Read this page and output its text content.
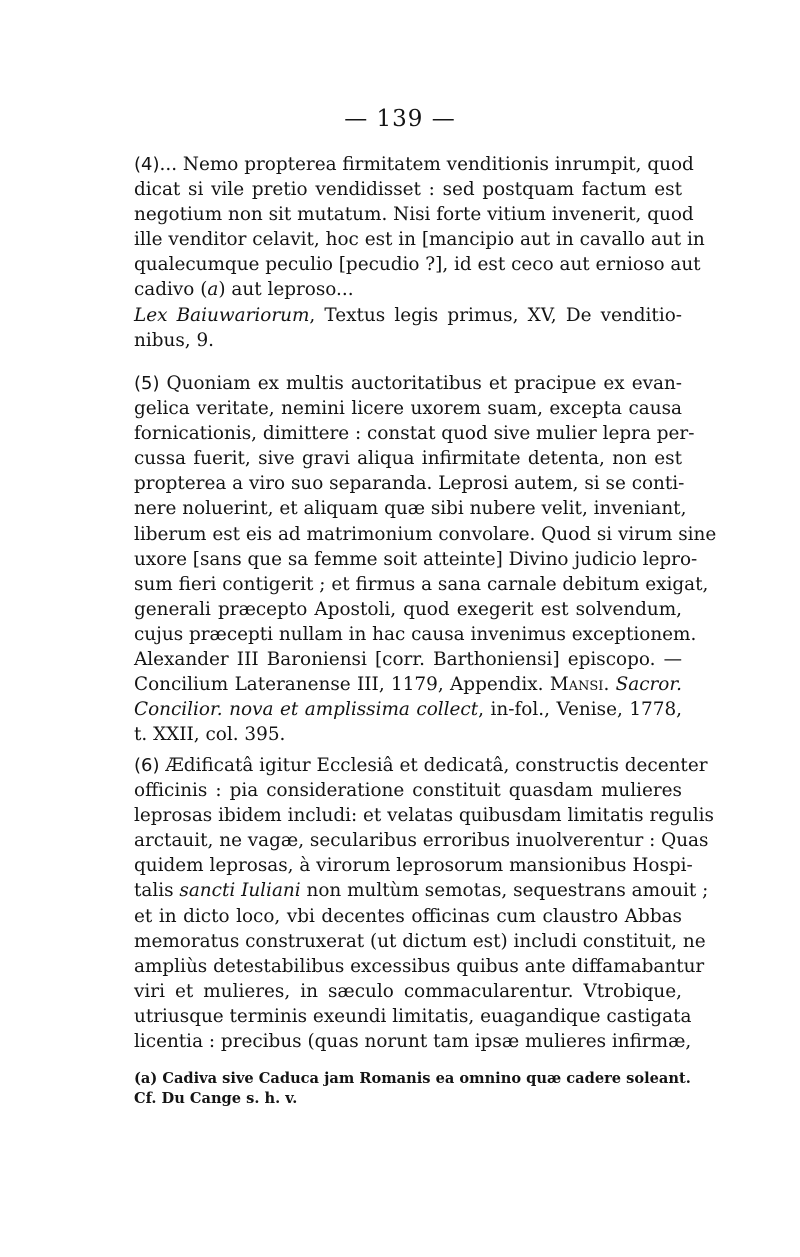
— 139 —
(4)... Nemo propterea firmitatem venditionis inrumpit, quod
dicat si vile pretio vendidisset : sed postquam factum est
negotium non sit mutatum. Nisi forte vitium invenerit, quod
ille venditor celavit, hoc est in [mancipio aut in cavallo aut in
qualecumque peculio [pecudio ?], id est ceco aut ernioso aut
cadivo (a) aut leproso...
Lex Baiuwariorum, Textus legis primus, XV, De venditio-
nibus, 9.
(5) Quoniam ex multis auctoritatibus et pracipue ex evan-
gelica veritate, nemini licere uxorem suam, excepta causa
fornicationis, dimittere : constat quod sive mulier lepra per-
cussa fuerit, sive gravi aliqua infirmitate detenta, non est
propterea a viro suo separanda. Leprosi autem, si se conti-
nere noluerint, et aliquam quæ sibi nubere velit, inveniant,
liberum est eis ad matrimonium convolare. Quod si virum sine
uxore [sans que sa femme soit atteinte] Divino judicio lepro-
sum fieri contigerit ; et firmus a sana carnale debitum exigat,
generali præcepto Apostoli, quod exegerit est solvendum,
cujus præcepti nullam in hac causa invenimus exceptionem.
Alexander III Baroniensi [corr. Barthoniensi] episcopo. —
Concilium Lateranense III, 1179, Appendix. Mansi. Sacror.
Concilior. nova et amplissima collect, in-fol., Venise, 1778,
t. XXII, col. 395.
(6) Ædificatâ igitur Ecclesiâ et dedicatâ, constructis decenter
officinis : pia consideratione constituit quasdam mulieres
leprosas ibidem includi: et velatas quibusdam limitatis regulis
arctauit, ne vagæ, secularibus erroribus inuolverentur : Quas
quidem leprosas, à virorum leprosorum mansionibus Hospi-
talis sancti Iuliani non multùm semotas, sequestrans amouit ;
et in dicto loco, vbi decentes officinas cum claustro Abbas
memoratus construxerat (ut dictum est) includi constituit, ne
ampliùs detestabilibus excessibus quibus ante diffamabantur
viri et mulieres, in sæculo commacularentur. Vtrobique,
utriusque terminis exeundi limitatis, euagandique castigata
licentia : precibus (quas norunt tam ipsæ mulieres infirmæ,
(a) Cadiva sive Caduca jam Romanis ea omnino quæ cadere soleant.
Cf. Du Cange s. h. v.
